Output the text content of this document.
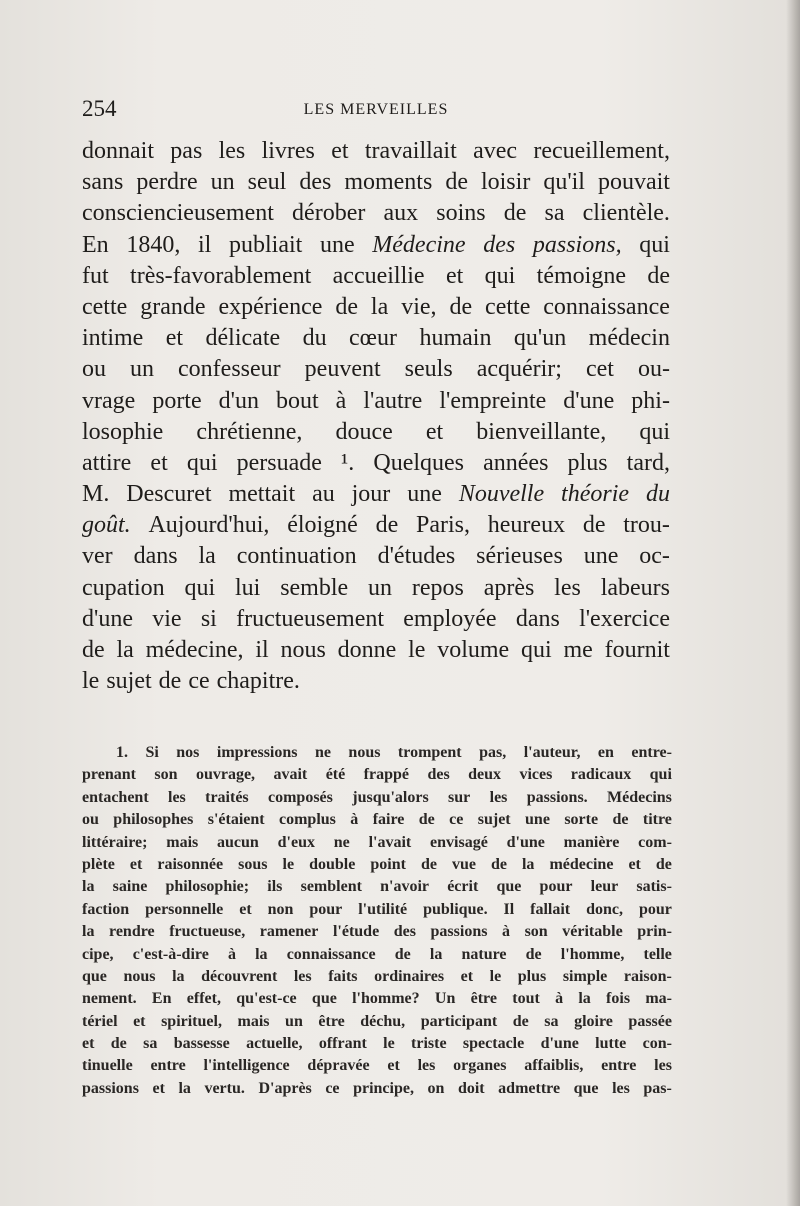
254	LES MERVEILLES
donnait pas les livres et travaillait avec recueillement,
sans perdre un seul des moments de loisir qu'il pouvait
consciencieusement dérober aux soins de sa clientèle.
En 1840, il publiait une Médecine des passions, qui
fut très-favorablement accueillie et qui témoigne de
cette grande expérience de la vie, de cette connaissance
intime et délicate du cœur humain qu'un médecin
ou un confesseur peuvent seuls acquérir; cet ou-
vrage porte d'un bout à l'autre l'empreinte d'une phi-
losophie chrétienne, douce et bienveillante, qui
attire et qui persuade ¹. Quelques années plus tard,
M. Descuret mettait au jour une Nouvelle théorie du
goût. Aujourd'hui, éloigné de Paris, heureux de trou-
ver dans la continuation d'études sérieuses une oc-
cupation qui lui semble un repos après les labeurs
d'une vie si fructueusement employée dans l'exercice
de la médecine, il nous donne le volume qui me fournit
le sujet de ce chapitre.
1. Si nos impressions ne nous trompent pas, l'auteur, en entre-
prenant son ouvrage, avait été frappé des deux vices radicaux qui
entachent les traités composés jusqu'alors sur les passions. Médecins
ou philosophes s'étaient complus à faire de ce sujet une sorte de titre
littéraire; mais aucun d'eux ne l'avait envisagé d'une manière com-
plète et raisonnée sous le double point de vue de la médecine et de
la saine philosophie; ils semblent n'avoir écrit que pour leur satis-
faction personnelle et non pour l'utilité publique. Il fallait donc, pour
la rendre fructueuse, ramener l'étude des passions à son véritable prin-
cipe, c'est-à-dire à la connaissance de la nature de l'homme, telle
que nous la découvrent les faits ordinaires et le plus simple raison-
nement. En effet, qu'est-ce que l'homme? Un être tout à la fois ma-
tériel et spirituel, mais un être déchu, participant de sa gloire passée
et de sa bassesse actuelle, offrant le triste spectacle d'une lutte con-
tinuelle entre l'intelligence dépravée et les organes affaiblis, entre les
passions et la vertu. D'après ce principe, on doit admettre que les pas-
